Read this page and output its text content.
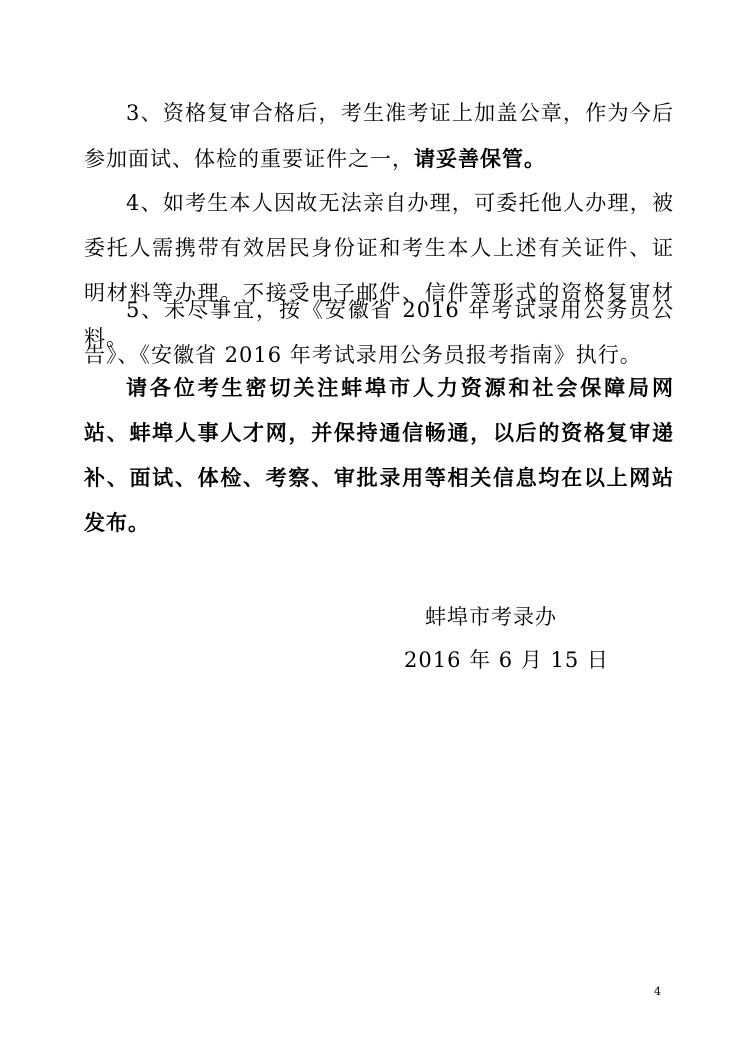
3、资格复审合格后，考生准考证上加盖公章，作为今后参加面试、体检的重要证件之一，请妥善保管。

4、如考生本人因故无法亲自办理，可委托他人办理，被委托人需携带有效居民身份证和考生本人上述有关证件、证明材料等办理。不接受电子邮件、信件等形式的资格复审材料。

5、未尽事宜，按《安徽省 2016 年考试录用公务员公告》、《安徽省 2016 年考试录用公务员报考指南》执行。

请各位考生密切关注蚌埠市人力资源和社会保障局网站、蚌埠人事人才网，并保持通信畅通，以后的资格复审递补、面试、体检、考察、审批录用等相关信息均在以上网站发布。

蚌埠市考录办

2016 年 6 月 15 日

4
